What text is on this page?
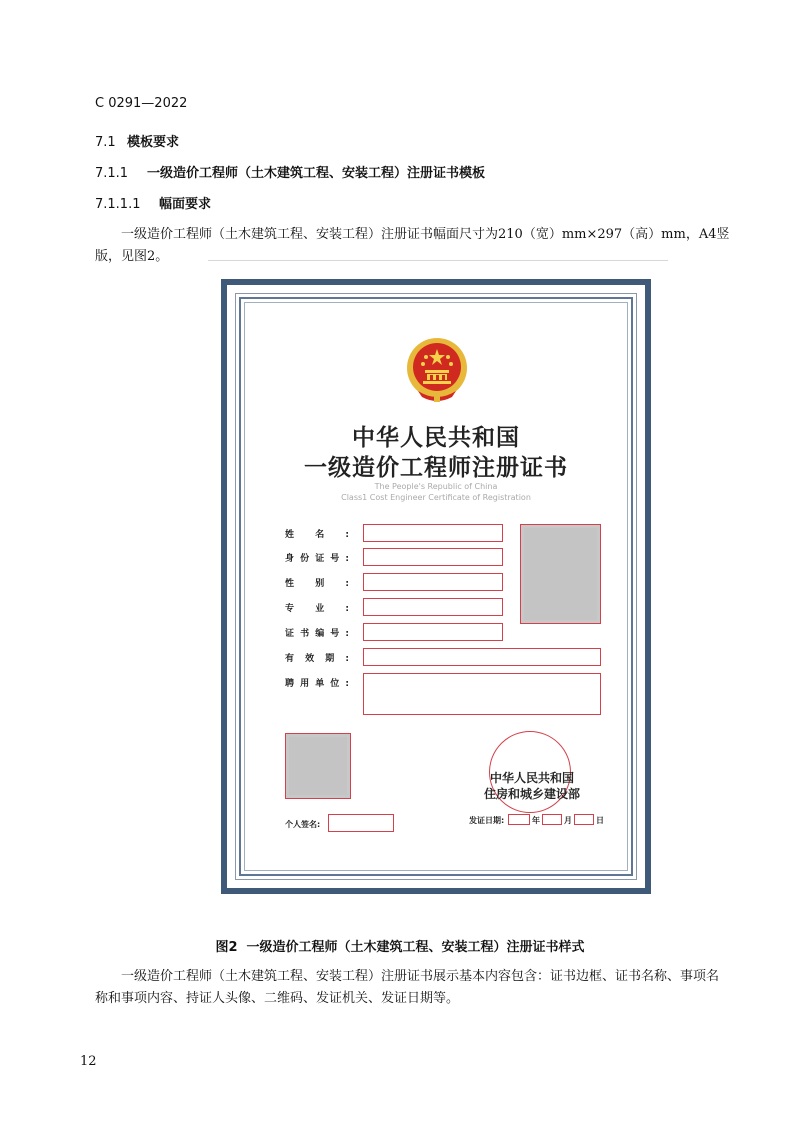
C 0291—2022
7.1 模板要求
7.1.1 一级造价工程师（土木建筑工程、安装工程）注册证书模板
7.1.1.1 幅面要求
一级造价工程师（土木建筑工程、安装工程）注册证书幅面尺寸为210（宽）mm×297（高）mm，A4竖版，见图2。
中华人民共和国
一级造价工程师注册证书
The People's Republic of China
Class1 Cost Engineer Certificate of Registration
姓名:
身份证号:
性别:
专业:
证书编号:
有效期:
聘用单位:
个人签名:
中华人民共和国
住房和城乡建设部
发证日期:	年	月	日
图2 一级造价工程师（土木建筑工程、安装工程）注册证书样式
一级造价工程师（土木建筑工程、安装工程）注册证书展示基本内容包含：证书边框、证书名称、事项名称和事项内容、持证人头像、二维码、发证机关、发证日期等。
12
